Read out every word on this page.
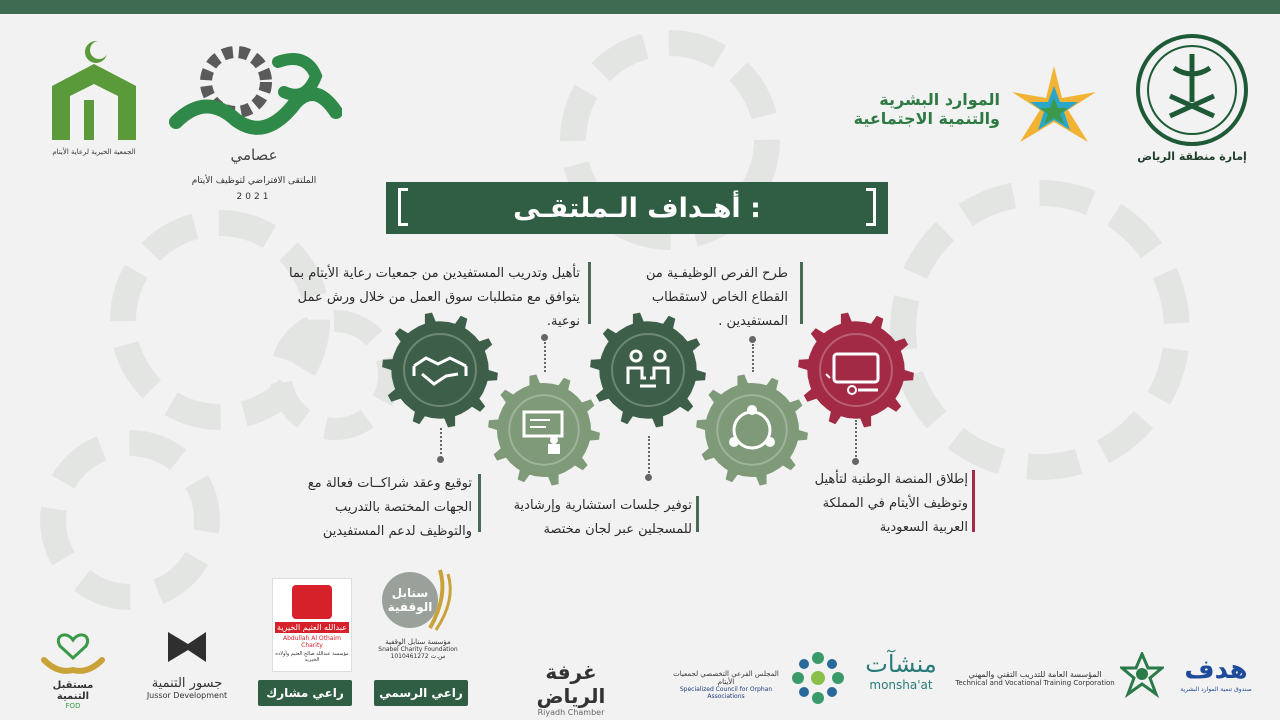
الجمعية الخيرية لرعاية الأيتام	عصامي
الملتقى الافتراضي لتوظيف الأيتام
2021
الموارد البشرية
والتنمية الاجتماعية
إمارة منطقة الرياض
أهـداف الـملتقـى :
طرح الفرص الوظيفـية من القطاع الخاص لاستقطاب المستفيدين .
تأهيل وتدريب المستفيدين من جمعيات رعاية الأيتام بما يتوافق مع متطلبات سوق العمل من خلال ورش عمل نوعية.
إطلاق المنصة الوطنية لتأهيل وتوظيف الأيتام في المملكة العربية السعودية
توفير جلسات استشارية وإرشادية للمسجلين عبر لجان مختصة
توقيع وعقد شراكــات فعالة مع الجهات المختصة بالتدريب والتوظيف لدعم المستفيدين
عبدالله العثيم الخيرية
Abdullah Al Othaim Charity
مؤسسة عبدالله صالح العثيم وأولاده الخيرية
راعي مشارك
سنابل الوقفية
مؤسسة سنابل الوقفية
Snabel Charity Foundation
1010461272 س.ت
راعي الرسمي
مستقبل التنمية
FOD
جسور التنمية
Jussor Development
غرفة الرياض
Riyadh Chamber
المجلس الفرعي التخصصي لجمعيات الأيتام
Specialized Council for Orphan Associations
منشآت
monsha'at
المؤسسة العامة للتدريب التقني والمهني
Technical and Vocational Training Corporation	هدف
صندوق تنمية الموارد البشرية
